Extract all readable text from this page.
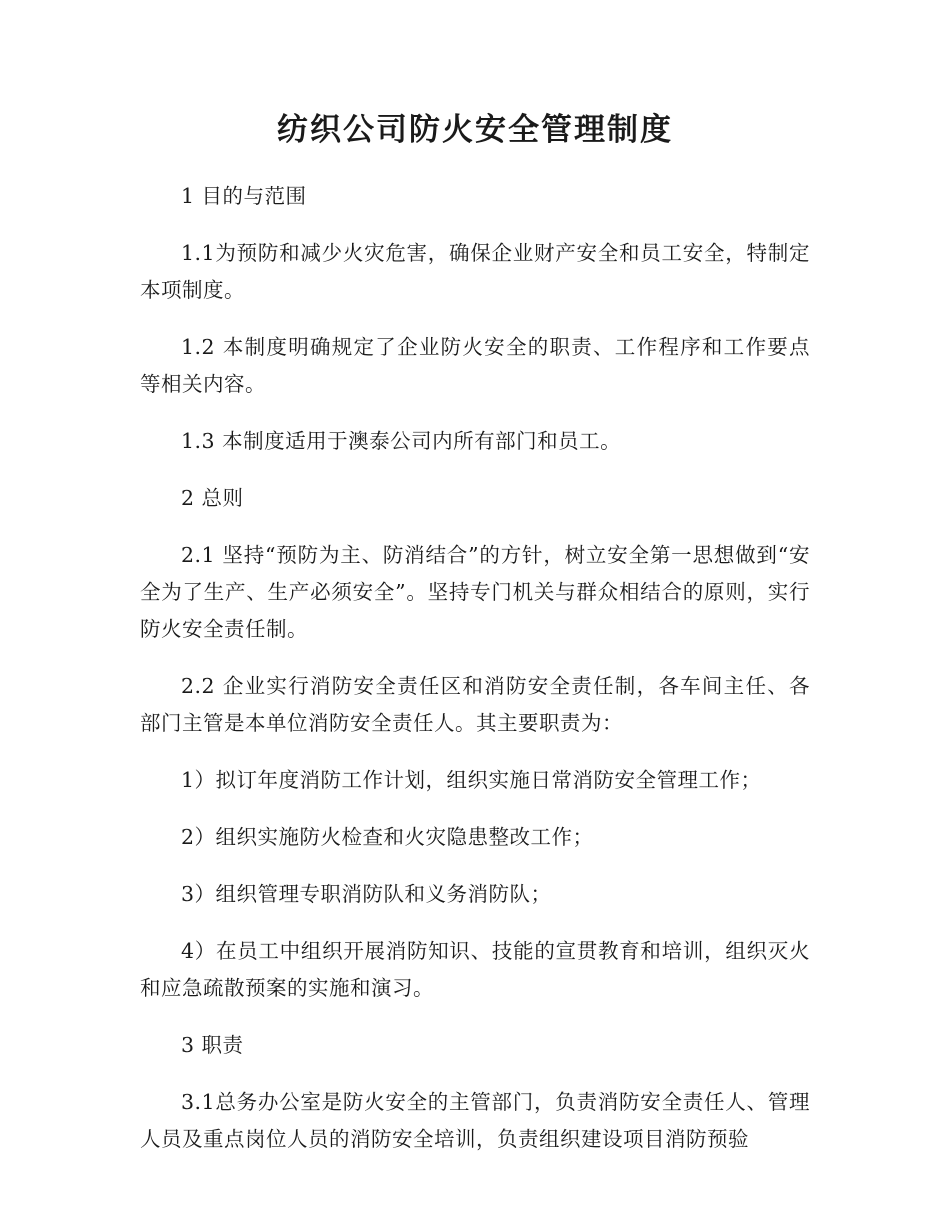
纺织公司防火安全管理制度

1 目的与范围

1.1为预防和减少火灾危害，确保企业财产安全和员工安全，特制定本项制度。

1.2 本制度明确规定了企业防火安全的职责、工作程序和工作要点等相关内容。

1.3 本制度适用于澳泰公司内所有部门和员工。

2 总则

2.1 坚持“预防为主、防消结合”的方针，树立安全第一思想做到“安全为了生产、生产必须安全”。坚持专门机关与群众相结合的原则，实行防火安全责任制。

2.2 企业实行消防安全责任区和消防安全责任制，各车间主任、各部门主管是本单位消防安全责任人。其主要职责为：

1）拟订年度消防工作计划，组织实施日常消防安全管理工作；

2）组织实施防火检查和火灾隐患整改工作；

3）组织管理专职消防队和义务消防队；

4）在员工中组织开展消防知识、技能的宣贯教育和培训，组织灭火和应急疏散预案的实施和演习。

3 职责

3.1总务办公室是防火安全的主管部门，负责消防安全责任人、管理人员及重点岗位人员的消防安全培训，负责组织建设项目消防预验
